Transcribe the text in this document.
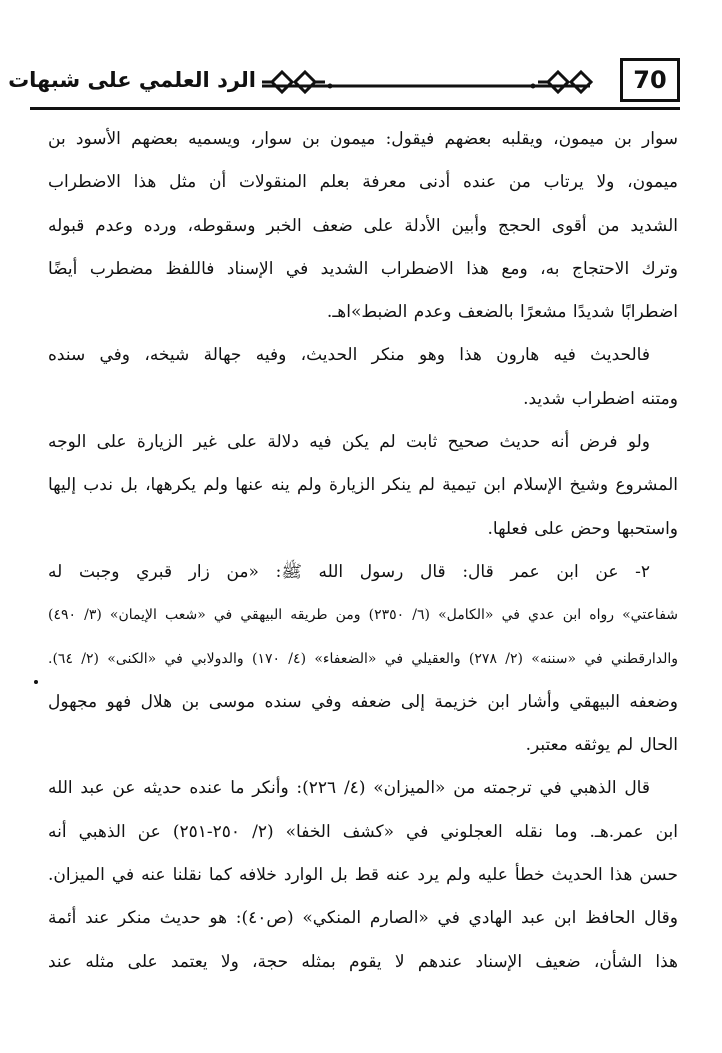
الرد العلمي على شبهات	70
سوار بن ميمون، ويقلبه بعضهم فيقول: ميمون بن سوار، ويسميه بعضهم الأسود بن
ميمون، ولا يرتاب من عنده أدنى معرفة بعلم المنقولات أن مثل هذا الاضطراب
الشديد من أقوى الحجج وأبين الأدلة على ضعف الخبر وسقوطه، ورده وعدم قبوله
وترك الاحتجاج به، ومع هذا الاضطراب الشديد في الإسناد فاللفظ مضطرب أيضًا
اضطرابًا شديدًا مشعرًا بالضعف وعدم الضبط»اهـ.
فالحديث فيه هارون هذا وهو منكر الحديث، وفيه جهالة شيخه، وفي سنده
ومتنه اضطراب شديد.
ولو فرض أنه حديث صحيح ثابت لم يكن فيه دلالة على غير الزيارة على الوجه
المشروع وشيخ الإسلام ابن تيمية لم ينكر الزيارة ولم ينه عنها ولم يكرهها، بل ندب إليها
واستحبها وحض على فعلها.
٢- عن ابن عمر قال: قال رسول الله ﷺ: «من زار قبري وجبت له
شفاعتي» رواه ابن عدي في «الكامل» (٦/ ٢٣٥٠) ومن طريقه البيهقي في «شعب الإيمان» (٣/ ٤٩٠)
والدارقطني في «سننه» (٢/ ٢٧٨) والعقيلي في «الضعفاء» (٤/ ١٧٠) والدولابي في «الكنى» (٢/ ٦٤).
وضعفه البيهقي وأشار ابن خزيمة إلى ضعفه وفي سنده موسى بن هلال فهو مجهول
الحال لم يوثقه معتبر.
قال الذهبي في ترجمته من «الميزان» (٤/ ٢٢٦): وأنكر ما عنده حديثه عن عبد الله
ابن عمر.هـ. وما نقله العجلوني في «كشف الخفا» (٢/ ٢٥٠-٢٥١) عن الذهبي أنه
حسن هذا الحديث خطأ عليه ولم يرد عنه قط بل الوارد خلافه كما نقلنا عنه في الميزان.
وقال الحافظ ابن عبد الهادي في «الصارم المنكي» (ص٤٠): هو حديث منكر عند أئمة
هذا الشأن، ضعيف الإسناد عندهم لا يقوم بمثله حجة، ولا يعتمد على مثله عند
